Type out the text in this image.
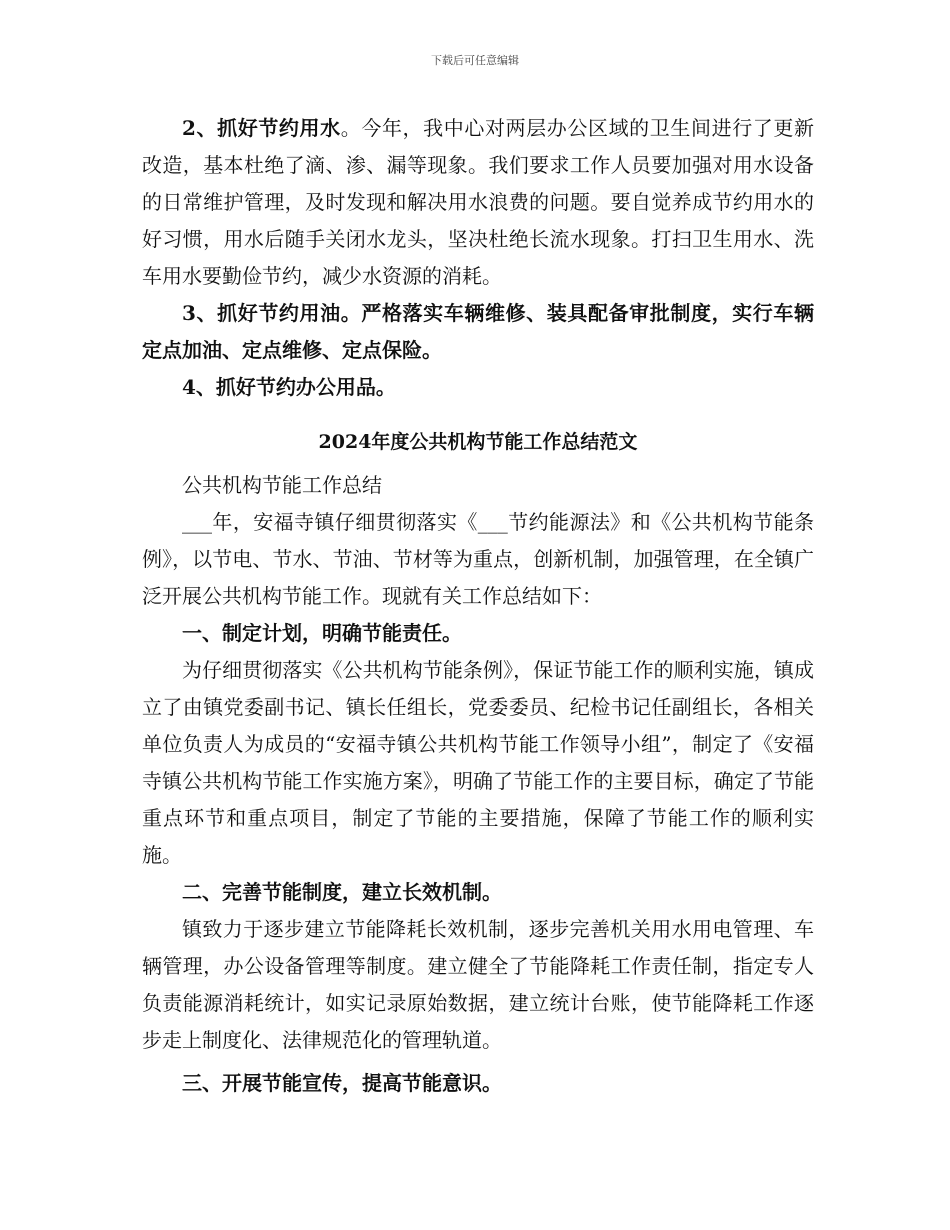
下载后可任意编辑

2、抓好节约用水。今年，我中心对两层办公区域的卫生间进行了更新改造，基本杜绝了滴、渗、漏等现象。我们要求工作人员要加强对用水设备的日常维护管理，及时发现和解决用水浪费的问题。要自觉养成节约用水的好习惯，用水后随手关闭水龙头，坚决杜绝长流水现象。打扫卫生用水、洗车用水要勤俭节约，减少水资源的消耗。

3、抓好节约用油。严格落实车辆维修、装具配备审批制度，实行车辆定点加油、定点维修、定点保险。

4、抓好节约办公用品。

2024年度公共机构节能工作总结范文

公共机构节能工作总结

___年，安福寺镇仔细贯彻落实《___节约能源法》和《公共机构节能条例》，以节电、节水、节油、节材等为重点，创新机制，加强管理，在全镇广泛开展公共机构节能工作。现就有关工作总结如下：

一、制定计划，明确节能责任。

为仔细贯彻落实《公共机构节能条例》，保证节能工作的顺利实施，镇成立了由镇党委副书记、镇长任组长，党委委员、纪检书记任副组长，各相关单位负责人为成员的“安福寺镇公共机构节能工作领导小组”，制定了《安福寺镇公共机构节能工作实施方案》，明确了节能工作的主要目标，确定了节能重点环节和重点项目，制定了节能的主要措施，保障了节能工作的顺利实施。

二、完善节能制度，建立长效机制。

镇致力于逐步建立节能降耗长效机制，逐步完善机关用水用电管理、车辆管理，办公设备管理等制度。建立健全了节能降耗工作责任制，指定专人负责能源消耗统计，如实记录原始数据，建立统计台账，使节能降耗工作逐步走上制度化、法律规范化的管理轨道。

三、开展节能宣传，提高节能意识。
